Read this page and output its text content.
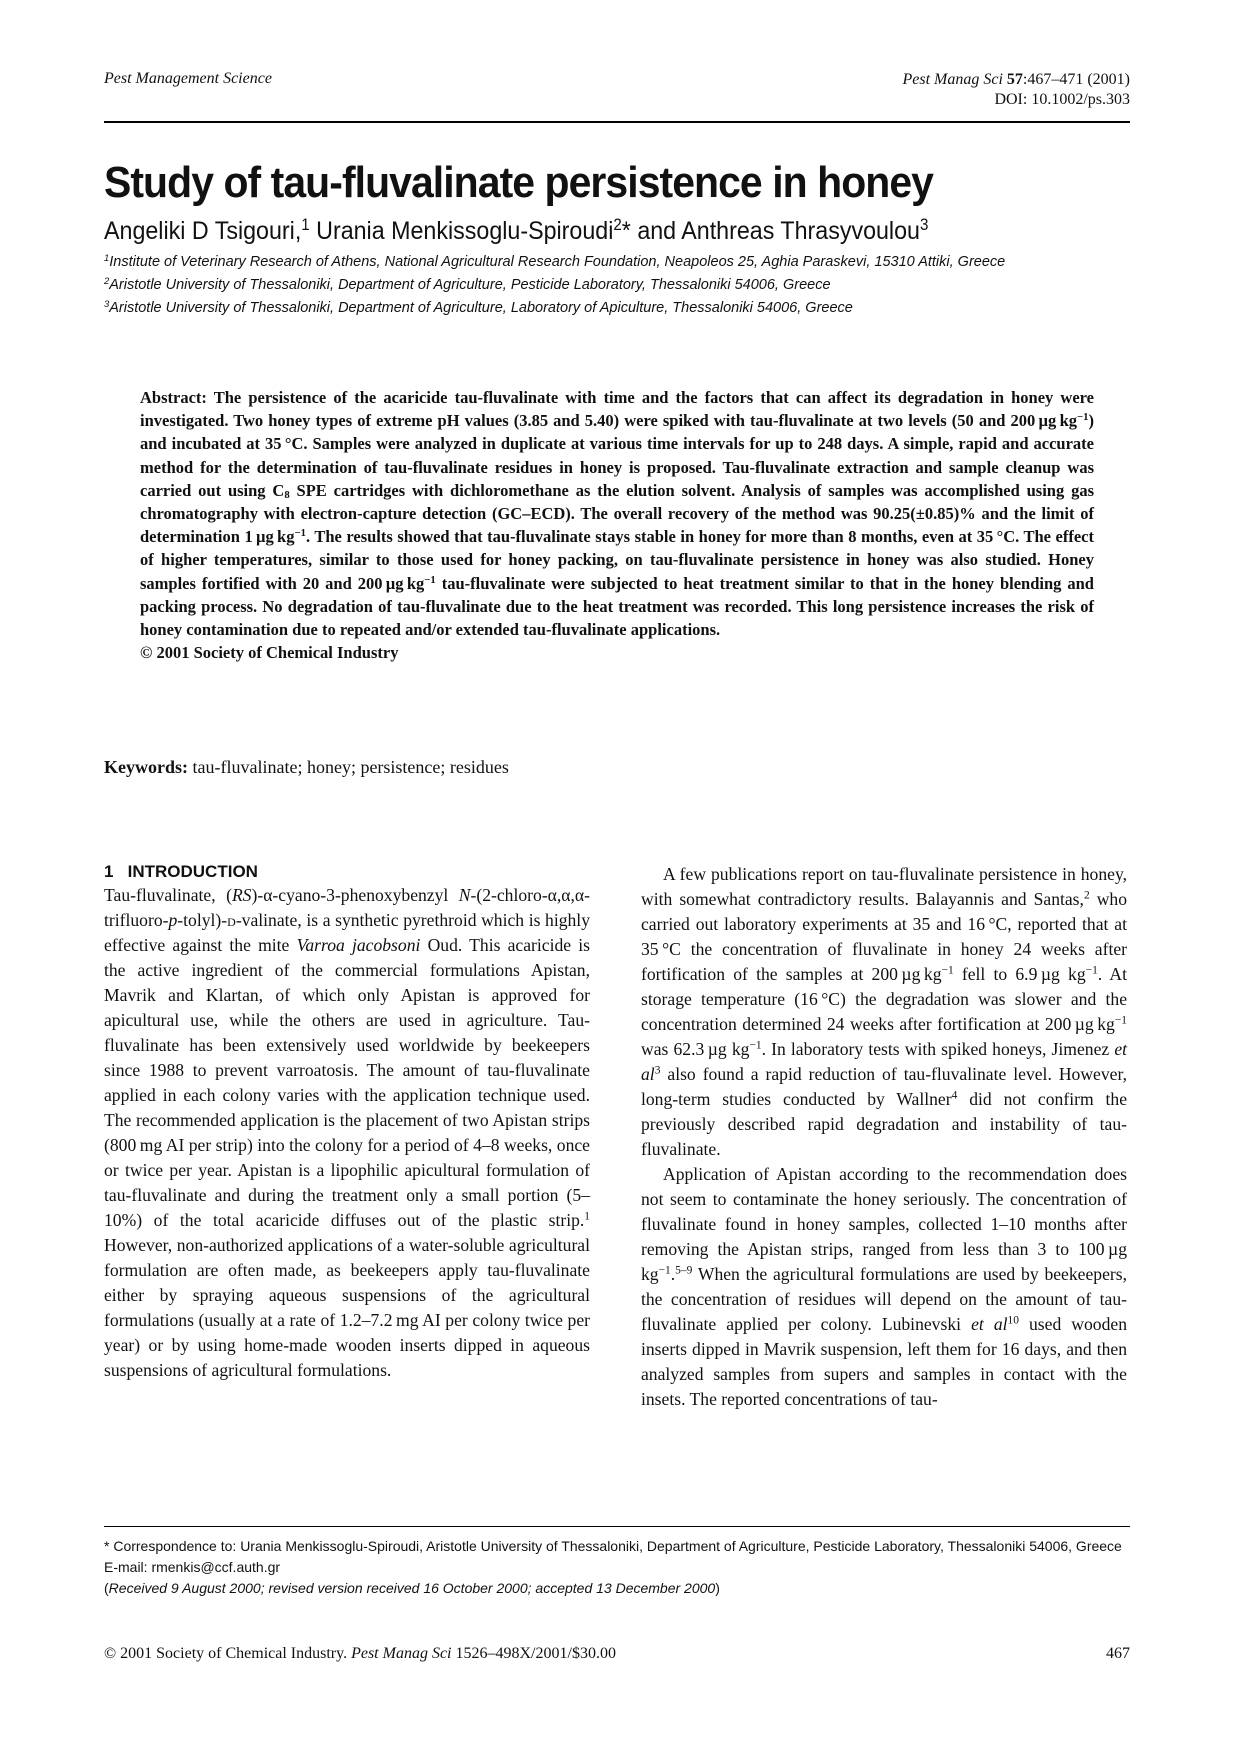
Pest Management Science	Pest Manag Sci 57:467–471 (2001)
DOI: 10.1002/ps.303
Study of tau-fluvalinate persistence in honey
Angeliki D Tsigouri,$^1$ Urania Menkissoglu-Spiroudi$^2$* and Anthreas Thrasyvoulou$^3$

$^1$Institute of Veterinary Research of Athens, National Agricultural Research Foundation, Neapoleos 25, Aghia Paraskevi, 15310 Attiki, Greece

$^2$Aristotle University of Thessaloniki, Department of Agriculture, Pesticide Laboratory, Thessaloniki 54006, Greece

$^3$Aristotle University of Thessaloniki, Department of Agriculture, Laboratory of Apiculture, Thessaloniki 54006, Greece

Abstract: The persistence of the acaricide tau-fluvalinate with time and the factors that can affect its degradation in honey were investigated. Two honey types of extreme pH values (3.85 and 5.40) were spiked with tau-fluvalinate at two levels (50 and 200 µg $kg^{-1}$) and incubated at 35 °C. Samples were analyzed in duplicate at various time intervals for up to 248 days. A simple, rapid and accurate method for the determination of tau-fluvalinate residues in honey is proposed. Tau-fluvalinate extraction and sample cleanup was carried out using $C_8$ SPE cartridges with dichloromethane as the elution solvent. Analysis of samples was accomplished using gas chromatography with electron-capture detection (GC–ECD). The overall recovery of the method was 90.25(±0.85)% and the limit of determination 1 µg $kg^{-1}$. The results showed that tau-fluvalinate stays stable in honey for more than 8 months, even at 35 °C. The effect of higher temperatures, similar to those used for honey packing, on tau-fluvalinate persistence in honey was also studied. Honey samples fortified with 20 and 200 µg $kg^{-1}$ tau-fluvalinate were subjected to heat treatment similar to that in the honey blending and packing process. No degradation of tau-fluvalinate due to the heat treatment was recorded. This long persistence increases the risk of honey contamination due to repeated and/or extended tau-fluvalinate applications.
© 2001 Society of Chemical Industry
Keywords: tau-fluvalinate; honey; persistence; residues
1   INTRODUCTION

Tau-fluvalinate, (RS)-α-cyano-3-phenoxybenzyl N-(2-chloro-α,α,α-trifluoro-p-tolyl)-d-valinate, is a synthetic pyrethroid which is highly effective against the mite Varroa jacobsoni Oud. This acaricide is the active ingredient of the commercial formulations Apistan, Mavrik and Klartan, of which only Apistan is approved for apicultural use, while the others are used in agriculture. Tau-fluvalinate has been extensively used worldwide by beekeepers since 1988 to prevent varroatosis. The amount of tau-fluvalinate applied in each colony varies with the application technique used. The recommended application is the placement of two Apistan strips (800 mg AI per strip) into the colony for a period of 4–8 weeks, once or twice per year. Apistan is a lipophilic apicultural formulation of tau-fluvalinate and during the treatment only a small portion (5–10%) of the total acaricide diffuses out of the plastic strip.$^1$ However, non-authorized applications of a water-soluble agricultural formulation are often made, as beekeepers apply tau-fluvalinate either by spraying aqueous suspensions of the agricultural formulations (usually at a rate of 1.2–7.2 mg AI per colony twice per year) or by using home-made wooden inserts dipped in aqueous suspensions of agricultural formulations.

A few publications report on tau-fluvalinate persistence in honey, with somewhat contradictory results. Balayannis and Santas,$^2$ who carried out laboratory experiments at 35 and 16 °C, reported that at 35 °C the concentration of fluvalinate in honey 24 weeks after fortification of the samples at 200 µg $kg^{-1}$ fell to 6.9 µg $kg^{-1}$. At storage temperature (16 °C) the degradation was slower and the concentration determined 24 weeks after fortification at 200 µg $kg^{-1}$ was 62.3 µg $kg^{-1}$. In laboratory tests with spiked honeys, Jimenez et $al^3$ also found a rapid reduction of tau-fluvalinate level. However, long-term studies conducted by Wallner$^4$ did not confirm the previously described rapid degradation and instability of tau-fluvalinate.

Application of Apistan according to the recommendation does not seem to contaminate the honey seriously. The concentration of fluvalinate found in honey samples, collected 1–10 months after removing the Apistan strips, ranged from less than 3 to 100 µg $kg^{-1}.^{5-9}$ When the agricultural formulations are used by beekeepers, the concentration of residues will depend on the amount of tau-fluvalinate applied per colony. Lubinevski et $al^{10}$ used wooden inserts dipped in Mavrik suspension, left them for 16 days, and then analyzed samples from supers and samples in contact with the insets. The reported concentrations of tau-

* Correspondence to: Urania Menkissoglu-Spiroudi, Aristotle University of Thessaloniki, Department of Agriculture, Pesticide Laboratory, Thessaloniki 54006, Greece

E-mail: rmenkis@ccf.auth.gr

(Received 9 August 2000; revised version received 16 October 2000; accepted 13 December 2000)

© 2001 Society of Chemical Industry. Pest Manag Sci 1526–498X/2001/$30.00	467
